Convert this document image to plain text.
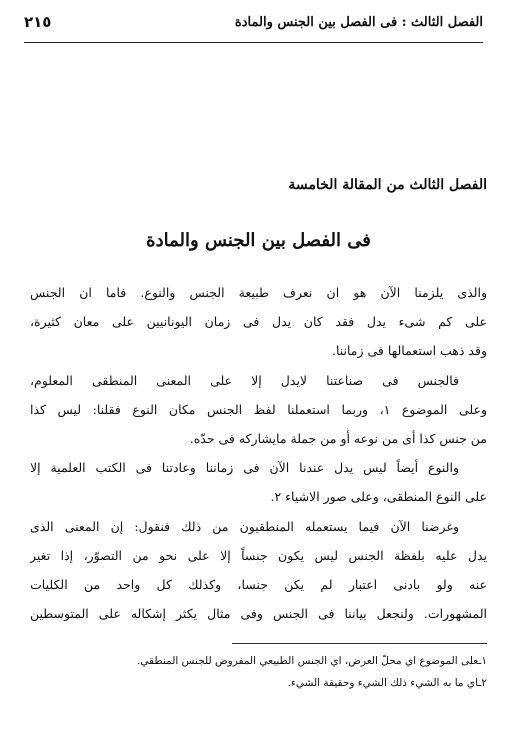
الفصل الثالث : فى الفصل بين الجنس والمادة
٢١٥
الفصل الثالث من المقالة الخامسة
فى الفصل بين الجنس والمادة
والذى يلزمنا الآن هو ان نعرف طبيعة الجنس والنوع. فاما ان الجنس
على كم شىء يدل فقد كان يدل فى زمان اليونانيين على معان كثيرة،
وقد ذهب استعمالها فى زماننا.
فالجنس فى صناعتنا لايدل إلا على المعنى المنطقى المعلوم،
وعلى الموضوع ١، وربما استعملنا لفظ الجنس مكان النوع فقلنا: ليس كذا
من جنس كذا أى من نوعه أو من جملة مايشاركه فى حدّه.
والنوع أيضاً ليس يدل عندنا الآن فى زماننا وعادتنا فى الكتب العلمية إلا
على النوع المنطقى، وعلى صور الاشياء ٢.
وغرضنا الآن فيما يستعمله المنطقيون من ذلك فنقول: إن المعنى الذى
يدل عليه بلفظة الجنس ليس يكون جنساً إلا على نحو من التصوّر، إذا تغير
عنه ولو بادنى اعتبار لم يكن جنسا، وكذلك كل واحد من الكليات
المشهورات. ولنجعل بياننا فى الجنس وفى مثال يكثر إشكاله على المتوسطين
١ـعلى الموضوع اي محلّ العرض، اي الجنس الطبيعي المفروض للجنس المنطقي.
٢ـاي ما به الشيء ذلك الشيء وحقيقة الشيء.
